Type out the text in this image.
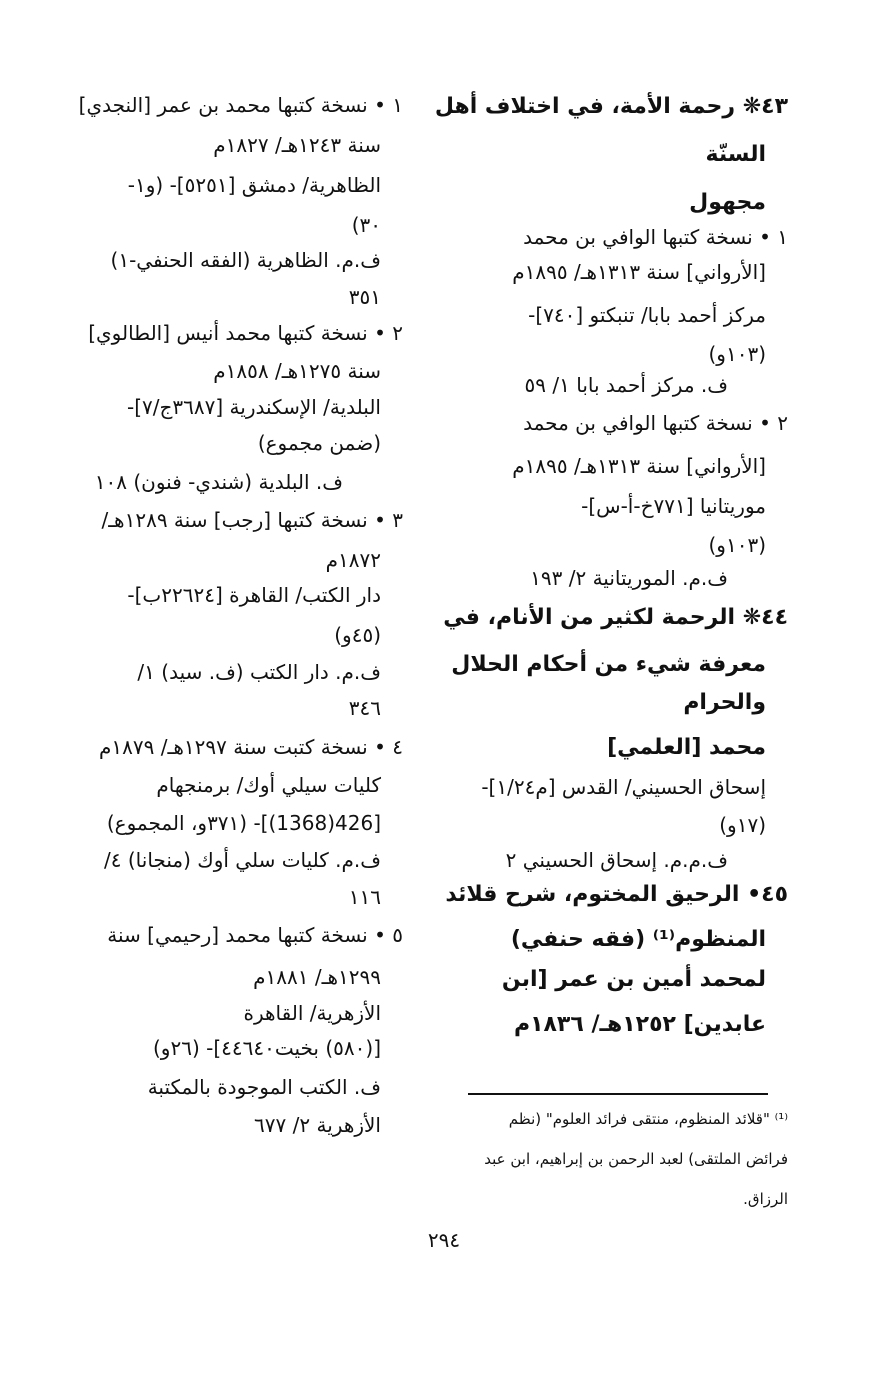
٤٣❋ رحمة الأمة، في اختلاف أهل
السنّة
مجهول
١ • نسخة كتبها الوافي بن محمد
[الأرواني] سنة ١٣١٣هـ/ ١٨٩٥م
مركز أحمد بابا/ تنبكتو [٧٤٠]-
(١٠٣و)
ف. مركز أحمد بابا ١/ ٥٩
٢ • نسخة كتبها الوافي بن محمد
[الأرواني] سنة ١٣١٣هـ/ ١٨٩٥م
موريتانيا [٧٧١خ-أ-س]-
(١٠٣و)
ف.م. الموريتانية ٢/ ١٩٣
٤٤❋ الرحمة لكثير من الأنام، في
معرفة شيء من أحكام الحلال
والحرام
محمد [العلمي]
إسحاق الحسيني/ القدس [م١/٢٤]-
(١٧و)
ف.م.م. إسحاق الحسيني ٢
٤٥• الرحيق المختوم، شرح قلائد
المنظوم⁽¹⁾ (فقه حنفي)
لمحمد أمين بن عمر [ابن
عابدين] ١٢٥٢هـ/ ١٨٣٦م
١ • نسخة كتبها محمد بن عمر [النجدي]
سنة ١٢٤٣هـ/ ١٨٢٧م
الظاهرية/ دمشق [٥٢٥١]- (و١-
٣٠)
ف.م. الظاهرية (الفقه الحنفي-١)
٣٥١
٢ • نسخة كتبها محمد أنيس [الطالوي]
سنة ١٢٧٥هـ/ ١٨٥٨م
البلدية/ الإسكندرية [٣٦٨٧ج/٧]-
(ضمن مجموع)
ف. البلدية (شندي- فنون) ١٠٨
٣ • نسخة كتبها [رجب] سنة ١٢٨٩هـ/
١٨٧٢م
دار الكتب/ القاهرة [٢٢٦٢٤ب]-
(٤٥و)
ف.م. دار الكتب (ف. سيد) ١/
٣٤٦
٤ • نسخة كتبت سنة ١٢٩٧هـ/ ١٨٧٩م
كليات سيلي أوك/ برمنجهام
[426(1368)]- (٣٧١و، المجموع)
ف.م. كليات سلي أوك (منجانا) ٤/
١١٦
٥ • نسخة كتبها محمد [رحيمي] سنة
١٢٩٩هـ/ ١٨٨١م
الأزهرية/ القاهرة
[(٥٨٠) بخيت٤٤٦٤٠]- (٢٦و)
ف. الكتب الموجودة بالمكتبة
الأزهرية ٢/ ٦٧٧	⁽¹⁾ "قلائد المنظوم، منتقى فرائد العلوم" (نظم
فرائض الملتقى) لعبد الرحمن بن إبراهيم، ابن عبد
الرزاق.
٢٩٤
